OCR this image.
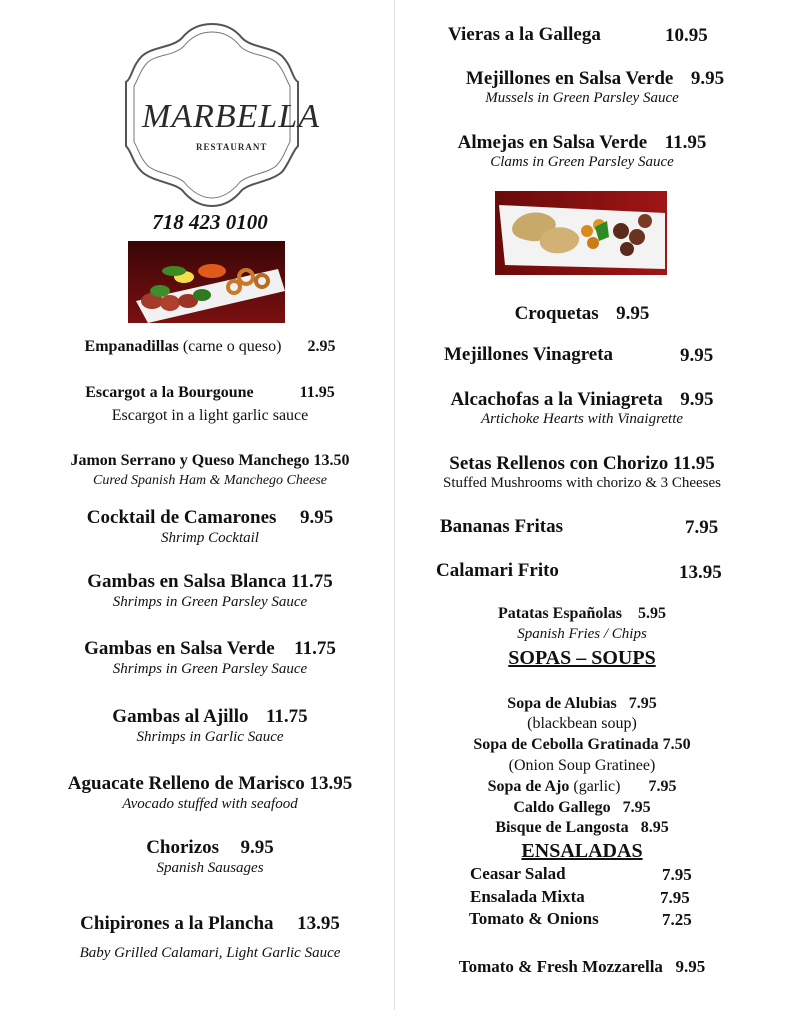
MARBELLA
RESTAURANT
718 423 0100
Empanadillas (carne o queso) 2.95
Escargot a la Bourgoune	11.95
Escargot in a light garlic sauce
Jamon Serrano y Queso Manchego 13.50
Cured Spanish Ham & Manchego Cheese
Cocktail de Camarones 9.95
Shrimp Cocktail
Gambas en Salsa Blanca 11.75
Shrimps in Green Parsley Sauce
Gambas en Salsa Verde 11.75
Shrimps in Green Parsley Sauce
Gambas al Ajillo 11.75
Shrimps in Garlic Sauce
Aguacate Relleno de Marisco 13.95
Avocado stuffed with seafood
Chorizos 9.95
Spanish Sausages
Chipirones a la Plancha 13.95
Baby Grilled Calamari, Light Garlic Sauce
Vieras a la Gallega	10.95
Mejillones en Salsa Verde 9.95
Mussels in Green Parsley Sauce
Almejas en Salsa Verde 11.95
Clams in Green Parsley Sauce
Croquetas 9.95
Mejillones Vinagreta	9.95
Alcachofas a la Viniagreta 9.95
Artichoke Hearts with Vinaigrette
Setas Rellenos con Chorizo 11.95
Stuffed Mushrooms with chorizo & 3 Cheeses
Bananas Fritas	7.95
Calamari Frito	13.95
Patatas Españolas 5.95
Spanish Fries / Chips
SOPAS – SOUPS
Sopa de Alubias 7.95
(blackbean soup)
Sopa de Cebolla Gratinada 7.50
(Onion Soup Gratinee)
Sopa de Ajo (garlic) 7.95
Caldo Gallego 7.95
Bisque de Langosta 8.95
ENSALADAS
Ceasar Salad	7.95
Ensalada Mixta	7.95
Tomato & Onions	7.25
Tomato & Fresh Mozzarella 9.95
